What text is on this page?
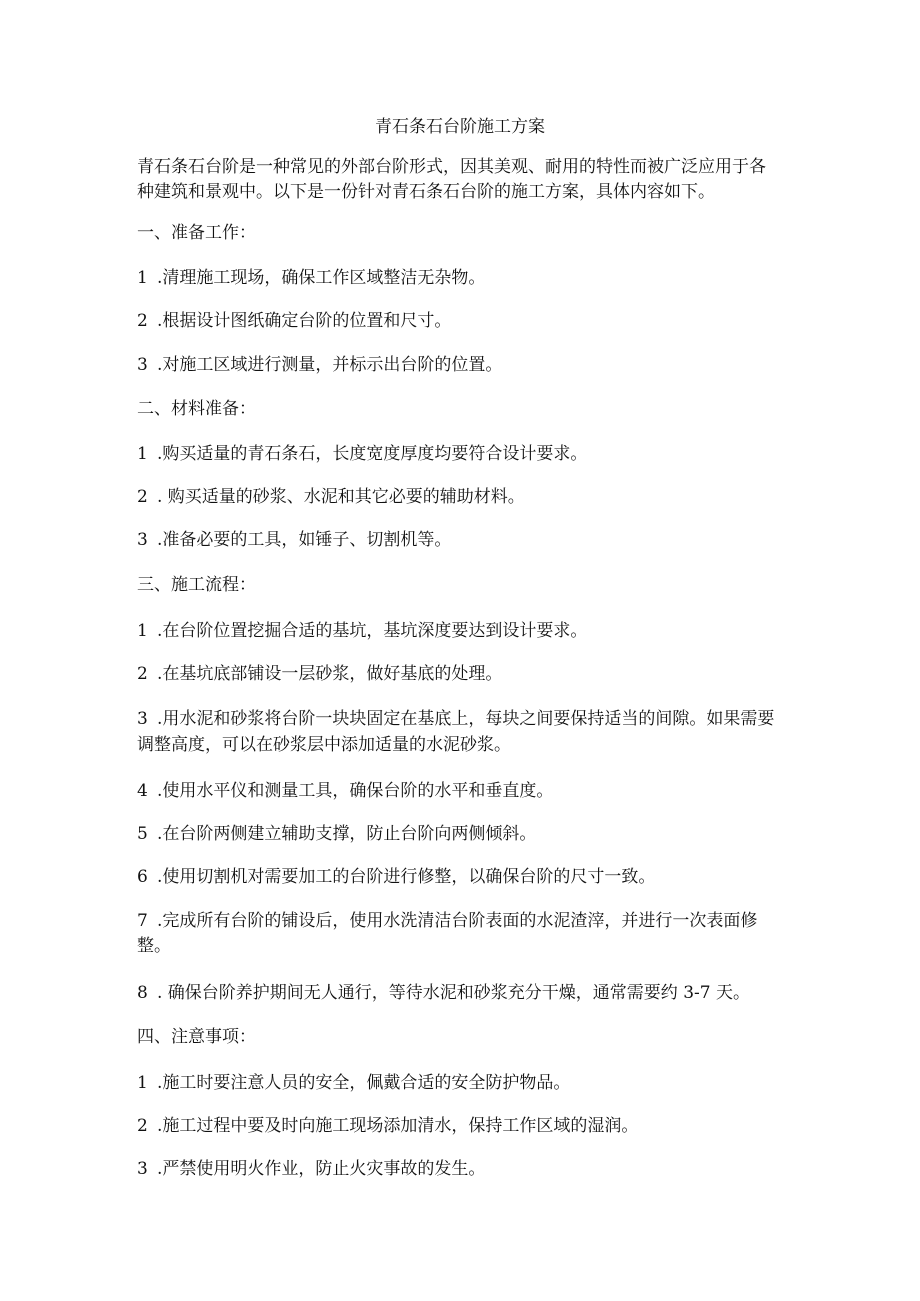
青石条石台阶施工方案

青石条石台阶是一种常见的外部台阶形式，因其美观、耐用的特性而被广泛应用于各

种建筑和景观中。以下是一份针对青石条石台阶的施工方案，具体内容如下。

一、准备工作：

1 .清理施工现场，确保工作区域整洁无杂物。

2 .根据设计图纸确定台阶的位置和尺寸。

3 .对施工区域进行测量，并标示出台阶的位置。

二、材料准备：

1 .购买适量的青石条石，长度宽度厚度均要符合设计要求。

2 . 购买适量的砂浆、水泥和其它必要的辅助材料。

3 .准备必要的工具，如锤子、切割机等。

三、施工流程：

1 .在台阶位置挖掘合适的基坑，基坑深度要达到设计要求。

2 .在基坑底部铺设一层砂浆，做好基底的处理。

3 .用水泥和砂浆将台阶一块块固定在基底上，每块之间要保持适当的间隙。如果需要

调整高度，可以在砂浆层中添加适量的水泥砂浆。

4 .使用水平仪和测量工具，确保台阶的水平和垂直度。

5 .在台阶两侧建立辅助支撑，防止台阶向两侧倾斜。

6 .使用切割机对需要加工的台阶进行修整，以确保台阶的尺寸一致。

7 .完成所有台阶的铺设后，使用水洗清洁台阶表面的水泥渣滓，并进行一次表面修

整。

8 . 确保台阶养护期间无人通行，等待水泥和砂浆充分干燥，通常需要约 3-7 天。

四、注意事项：

1 .施工时要注意人员的安全，佩戴合适的安全防护物品。

2 .施工过程中要及时向施工现场添加清水，保持工作区域的湿润。

3 .严禁使用明火作业，防止火灾事故的发生。
